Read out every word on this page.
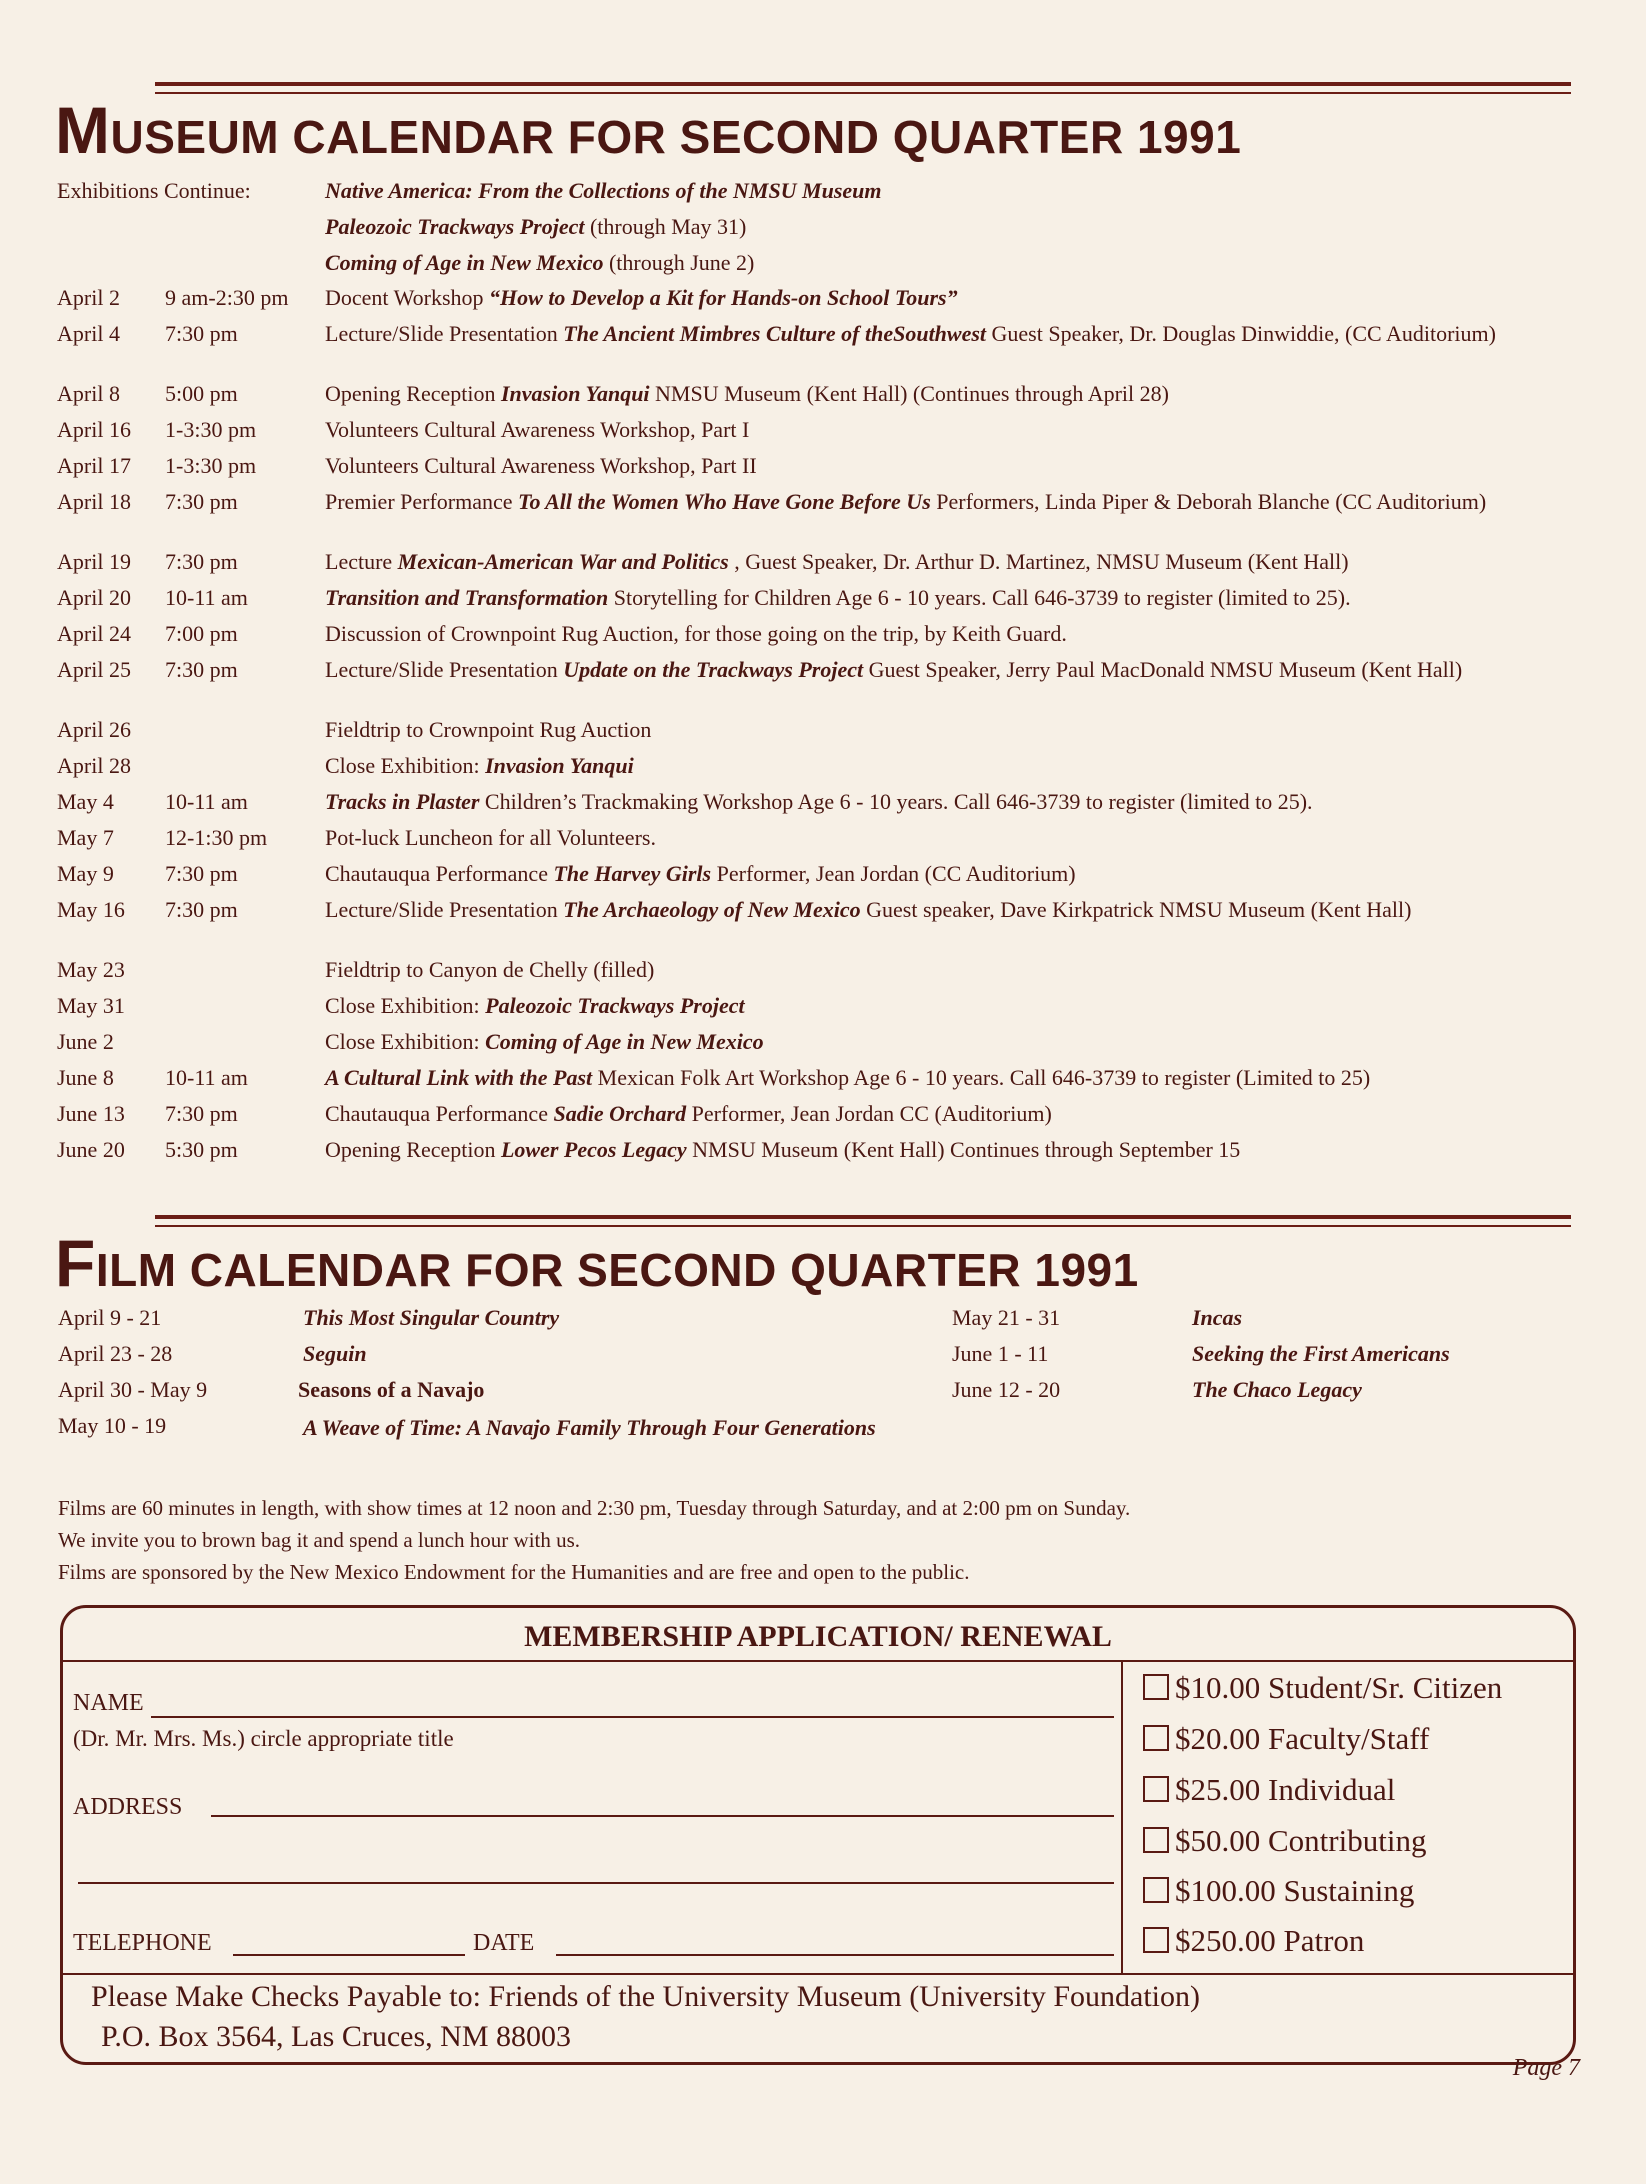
MUSEUM CALENDAR FOR SECOND QUARTER 1991
Exhibitions Continue:	Native America: From the Collections of the NMSU Museum
Paleozoic Trackways Project (through May 31)
Coming of Age in New Mexico (through June 2)
April 2 9 am-2:30 pm Docent Workshop “How to Develop a Kit for Hands-on School Tours”
April 4 7:30 pm	Lecture/Slide Presentation The Ancient Mimbres Culture of theSouthwest Guest Speaker, Dr. Douglas Dinwiddie, (CC Auditorium)
April 8 5:00 pm	Opening Reception Invasion Yanqui NMSU Museum (Kent Hall) (Continues through April 28)
April 16 1-3:30 pm	Volunteers Cultural Awareness Workshop, Part I
April 17 1-3:30 pm	Volunteers Cultural Awareness Workshop, Part II
April 18 7:30 pm	Premier Performance To All the Women Who Have Gone Before Us Performers, Linda Piper & Deborah Blanche (CC Auditorium)
April 19 7:30 pm	Lecture Mexican-American War and Politics , Guest Speaker, Dr. Arthur D. Martinez, NMSU Museum (Kent Hall)
April 20 10-11 am	Transition and Transformation Storytelling for Children Age 6 - 10 years. Call 646-3739 to register (limited to 25).
April 24 7:00 pm	Discussion of Crownpoint Rug Auction, for those going on the trip, by Keith Guard.
April 25 7:30 pm	Lecture/Slide Presentation Update on the Trackways Project Guest Speaker, Jerry Paul MacDonald NMSU Museum (Kent Hall)
April 26	Fieldtrip to Crownpoint Rug Auction
April 28	Close Exhibition: Invasion Yanqui
May 4 10-11 am	Tracks in Plaster Children’s Trackmaking Workshop Age 6 - 10 years. Call 646-3739 to register (limited to 25).
May 7 12-1:30 pm	Pot-luck Luncheon for all Volunteers.
May 9 7:30 pm	Chautauqua Performance The Harvey Girls Performer, Jean Jordan (CC Auditorium)
May 16 7:30 pm	Lecture/Slide Presentation The Archaeology of New Mexico Guest speaker, Dave Kirkpatrick NMSU Museum (Kent Hall)
May 23	Fieldtrip to Canyon de Chelly (filled)
May 31	Close Exhibition: Paleozoic Trackways Project
June 2	Close Exhibition: Coming of Age in New Mexico
June 8 10-11 am	A Cultural Link with the Past Mexican Folk Art Workshop Age 6 - 10 years. Call 646-3739 to register (Limited to 25)
June 13 7:30 pm	Chautauqua Performance Sadie Orchard Performer, Jean Jordan CC (Auditorium)
June 20 5:30 pm	Opening Reception Lower Pecos Legacy NMSU Museum (Kent Hall) Continues through September 15
FILM CALENDAR FOR SECOND QUARTER 1991
April 9 - 21	This Most Singular Country
April 23 - 28	Seguin
April 30 - May 9	Seasons of a Navajo
May 10 - 19	A Weave of Time: A Navajo Family Through Four Generations
May 21 - 31	Incas
June 1 - 11	Seeking the First Americans
June 12 - 20	The Chaco Legacy
Films are 60 minutes in length, with show times at 12 noon and 2:30 pm, Tuesday through Saturday, and at 2:00 pm on Sunday.
We invite you to brown bag it and spend a lunch hour with us.
Films are sponsored by the New Mexico Endowment for the Humanities and are free and open to the public.
MEMBERSHIP APPLICATION/ RENEWAL
NAME
(Dr. Mr. Mrs. Ms.) circle appropriate title
ADDRESS
TELEPHONE	DATE
$10.00 Student/Sr. Citizen
$20.00 Faculty/Staff
$25.00 Individual
$50.00 Contributing
$100.00 Sustaining
$250.00 Patron
Please Make Checks Payable to: Friends of the University Museum (University Foundation)
P.O. Box 3564, Las Cruces, NM 88003
Page 7
